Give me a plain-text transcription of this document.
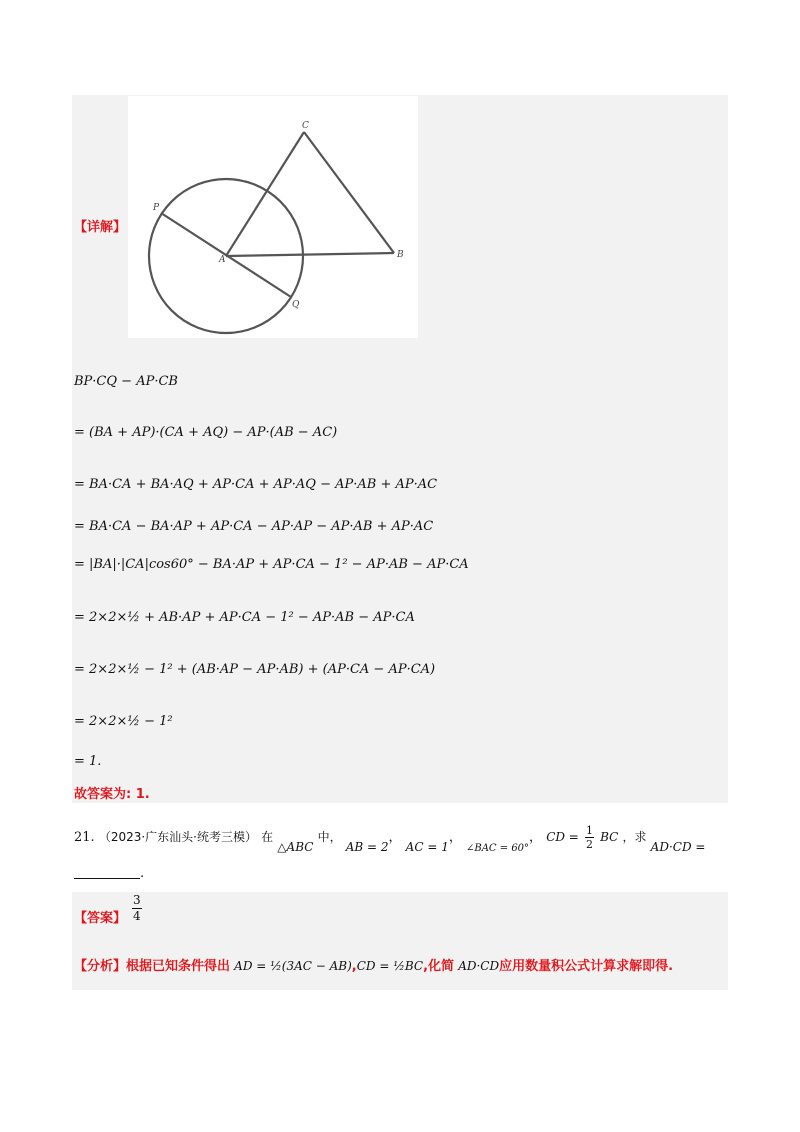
C
P
A	B
Q
【详解】
BP·CQ − AP·CB
= (BA + AP)·(CA + AQ) − AP·(AB − AC)
= BA·CA + BA·AQ + AP·CA + AP·AQ − AP·AB + AP·AC
= BA·CA − BA·AP + AP·CA − AP·AP − AP·AB + AP·AC
= |BA|·|CA|cos60° − BA·AP + AP·CA − 1² − AP·AB − AP·CA
= 2×2×½ + AB·AP + AP·CA − 1² − AP·AB − AP·CA
= 2×2×½ − 1² + (AB·AP − AP·AB) + (AP·CA − AP·CA)
= 2×2×½ − 1²
= 1.
故答案为: 1.
21. （2023·广东汕头·统考三模） 在 △ABC 中， AB = 2， AC = 1， $_{\angle BAC = 60^\circ}$， CD = $\frac{1}{2}$ BC ，求 AD·CD =
.
【答案】 $\frac{3}{4}$
【分析】根据已知条件得出 AD = ½(3AC − AB),CD = ½BC,化简 AD·CD应用数量积公式计算求解即得.
